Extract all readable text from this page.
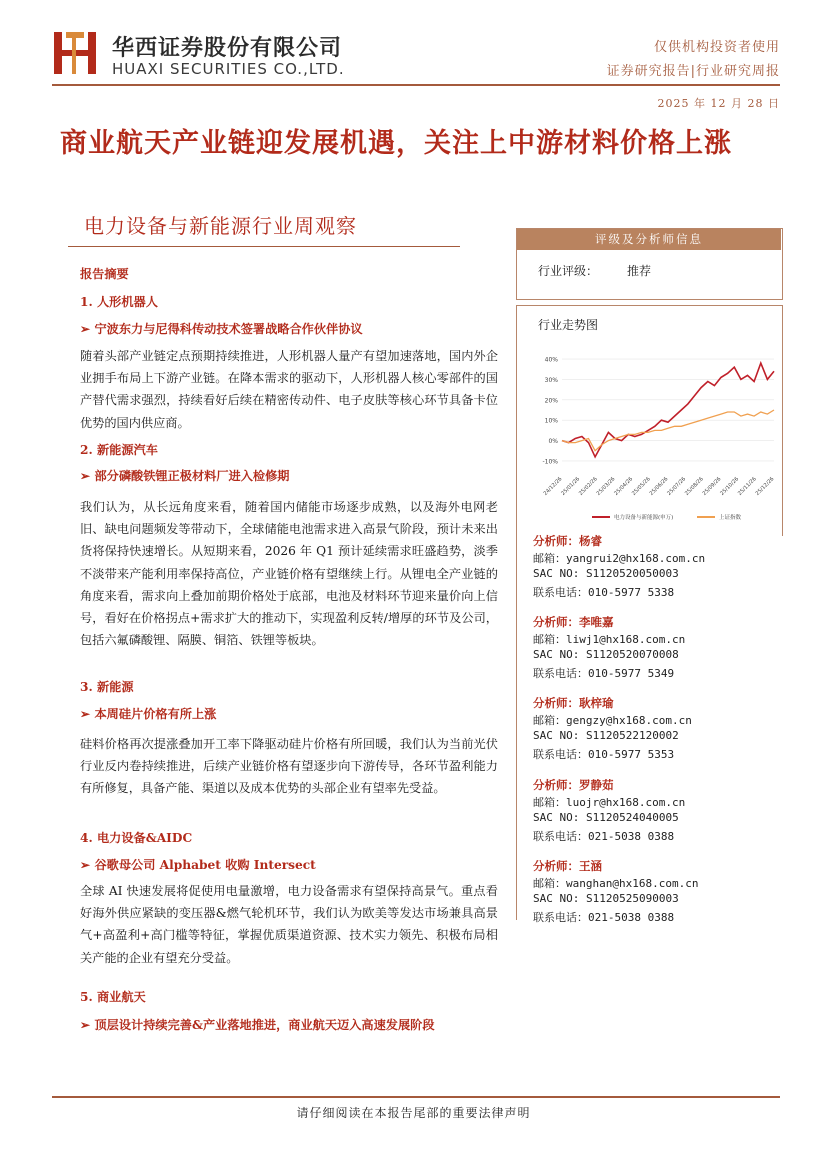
华西证券股份有限公司
HUAXI SECURITIES CO.,LTD.
仅供机构投资者使用
证券研究报告|行业研究周报
2025 年 12 月 28 日
商业航天产业链迎发展机遇，关注上中游材料价格上涨
电力设备与新能源行业周观察
报告摘要
1. 人形机器人
➢ 宁波东力与尼得科传动技术签署战略合作伙伴协议
随着头部产业链定点预期持续推进，人形机器人量产有望加速落地，国内外企业拥手布局上下游产业链。在降本需求的驱动下，人形机器人核心零部件的国产替代需求强烈，持续看好后续在精密传动件、电子皮肤等核心环节具备卡位优势的国内供应商。
2. 新能源汽车
➢ 部分磷酸铁锂正极材料厂进入检修期
我们认为，从长远角度来看，随着国内储能市场逐步成熟，以及海外电网老旧、缺电问题频发等带动下，全球储能电池需求进入高景气阶段，预计未来出货将保持快速增长。从短期来看，2026 年 Q1 预计延续需求旺盛趋势，淡季不淡带来产能利用率保持高位，产业链价格有望继续上行。从锂电全产业链的角度来看，需求向上叠加前期价格处于底部，电池及材料环节迎来量价向上信号，看好在价格拐点+需求扩大的推动下，实现盈利反转/增厚的环节及公司，包括六氟磷酸锂、隔膜、铜箔、铁锂等板块。
3. 新能源
➢ 本周硅片价格有所上涨
硅料价格再次提涨叠加开工率下降驱动硅片价格有所回暖，我们认为当前光伏行业反内卷持续推进，后续产业链价格有望逐步向下游传导，各环节盈利能力有所修复，具备产能、渠道以及成本优势的头部企业有望率先受益。
4. 电力设备&AIDC
➢ 谷歌母公司 Alphabet 收购 Intersect
全球 AI 快速发展将促使用电量激增，电力设备需求有望保持高景气。重点看好海外供应紧缺的变压器&燃气轮机环节，我们认为欧美等发达市场兼具高景气+高盈利+高门槛等特征，掌握优质渠道资源、技术实力领先、积极布局相关产能的企业有望充分受益。
5. 商业航天
➢ 顶层设计持续完善&产业落地推进，商业航天迈入高速发展阶段
评级及分析师信息
行业评级： 推荐
行业走势图
-10%
0%
10%
20%
30%
40%
24/12/26
25/01/26
25/02/26
25/03/26
25/04/26
25/05/26
25/06/26
25/07/26
25/08/26
25/09/26
25/10/26
25/11/26
25/12/26
电力设备与新能源(申万)	上证指数
分析师：杨睿
邮箱：yangrui2@hx168.com.cn
SAC NO: S1120520050003
联系电话：010-5977 5338
分析师：李唯嘉
邮箱：liwj1@hx168.com.cn
SAC NO: S1120520070008
联系电话：010-5977 5349
分析师：耿梓瑜
邮箱：gengzy@hx168.com.cn
SAC NO: S1120522120002
联系电话：010-5977 5353
分析师：罗静茹
邮箱：luojr@hx168.com.cn
SAC NO: S1120524040005
联系电话：021-5038 0388
分析师：王涵
邮箱：wanghan@hx168.com.cn
SAC NO: S1120525090003
联系电话：021-5038 0388
请仔细阅读在本报告尾部的重要法律声明
